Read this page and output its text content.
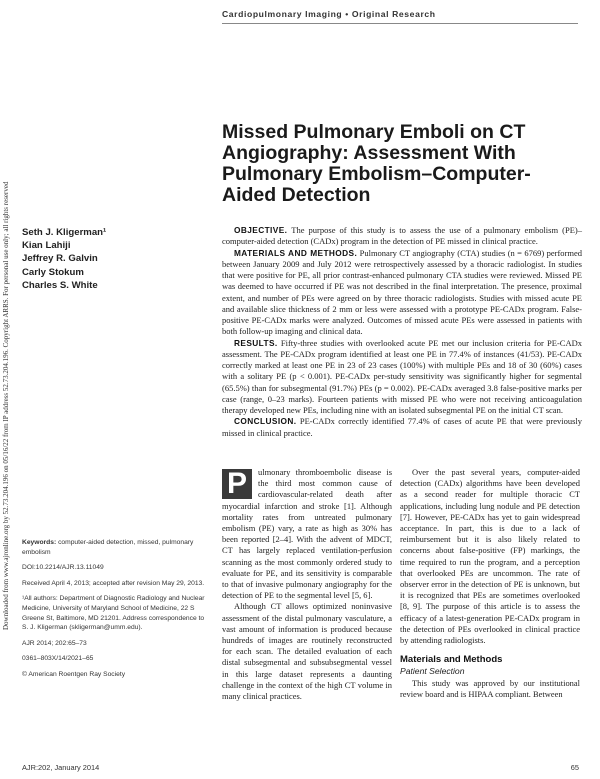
Downloaded from www.ajronline.org by 52.73.204.196 on 05/16/22 from IP address 52.73.204.196. Copyright ARRS. For personal use only; all rights reserved
Cardiopulmonary Imaging • Original Research
Missed Pulmonary Emboli on CT Angiography: Assessment With Pulmonary Embolism–Computer-Aided Detection
Seth J. Kligerman¹
Kian Lahiji
Jeffrey R. Galvin
Carly Stokum
Charles S. White

OBJECTIVE. The purpose of this study is to assess the use of a pulmonary embolism (PE)–computer-aided detection (CADx) program in the detection of PE missed in clinical practice.

MATERIALS AND METHODS. Pulmonary CT angiography (CTA) studies (n = 6769) performed between January 2009 and July 2012 were retrospectively assessed by a thoracic radiologist. In studies that were positive for PE, all prior contrast-enhanced pulmonary CTA studies were reviewed. Missed PE was deemed to have occurred if PE was not described in the final interpretation. The presence, proximal extent, and number of PEs were agreed on by three thoracic radiologists. Studies with missed acute PE and available slice thickness of 2 mm or less were assessed with a prototype PE-CADx program. False-positive PE-CADx marks were analyzed. Outcomes of missed acute PEs were assessed in patients with both follow-up imaging and clinical data.

RESULTS. Fifty-three studies with overlooked acute PE met our inclusion criteria for PE-CADx assessment. The PE-CADx program identified at least one PE in 77.4% of instances (41/53). PE-CADx correctly marked at least one PE in 23 of 23 cases (100%) with multiple PEs and 18 of 30 (60%) cases with a solitary PE (p < 0.001). PE-CADx per-study sensitivity was significantly higher for segmental (65.5%) than for subsegmental (91.7%) PEs (p = 0.002). PE-CADx averaged 3.8 false-positive marks per case (range, 0–23 marks). Fourteen patients with missed PE who were not receiving anticoagulation therapy developed new PEs, including nine with an isolated subsegmental PE on the initial CT scan.

CONCLUSION. PE-CADx correctly identified 77.4% of cases of acute PE that were previously missed in clinical practice.

Keywords: computer-aided detection, missed, pulmonary embolism

DOI:10.2214/AJR.13.11049

Received April 4, 2013; accepted after revision May 29, 2013.

¹All authors: Department of Diagnostic Radiology and Nuclear Medicine, University of Maryland School of Medicine, 22 S Greene St, Baltimore, MD 21201. Address correspondence to S. J. Kligerman (skligerman@umm.edu).

AJR 2014; 202:65–73

0361–803X/14/2021–65

© American Roentgen Ray Society

P	ulmonary thromboembolic disease is the third most common cause of cardiovascular-related death after myocardial infarction and stroke [1]. Although mortality rates from untreated pulmonary embolism (PE) vary, a rate as high as 30% has been reported [2–4]. With the advent of MDCT, CT has largely replaced ventilation-perfusion scanning as the most commonly ordered study to evaluate for PE, and its sensitivity is comparable to that of invasive pulmonary angiography for the detection of PE to the segmental level [5, 6].

Although CT allows optimized noninvasive assessment of the distal pulmonary vasculature, a vast amount of information is produced because hundreds of images are routinely reconstructed for each scan. The detailed evaluation of each distal subsegmental and subsubsegmental vessel in this large dataset represents a daunting challenge in the context of the high CT volume in many clinical practices.

Over the past several years, computer-aided detection (CADx) algorithms have been developed as a second reader for multiple thoracic CT applications, including lung nodule and PE detection [7]. However, PE-CADx has yet to gain widespread acceptance. In part, this is due to a lack of reimbursement but it is also likely related to concerns about false-positive (FP) markings, the time required to run the program, and a perception that overlooked PEs are uncommon. The rate of observer error in the detection of PE is unknown, but it is recognized that PEs are sometimes overlooked [8, 9]. The purpose of this article is to assess the efficacy of a latest-generation PE-CADx program in the detection of PEs overlooked in clinical practice by attending radiologists.

Materials and Methods
Patient Selection

This study was approved by our institutional review board and is HIPAA compliant. Between

AJR:202, January 2014	65
